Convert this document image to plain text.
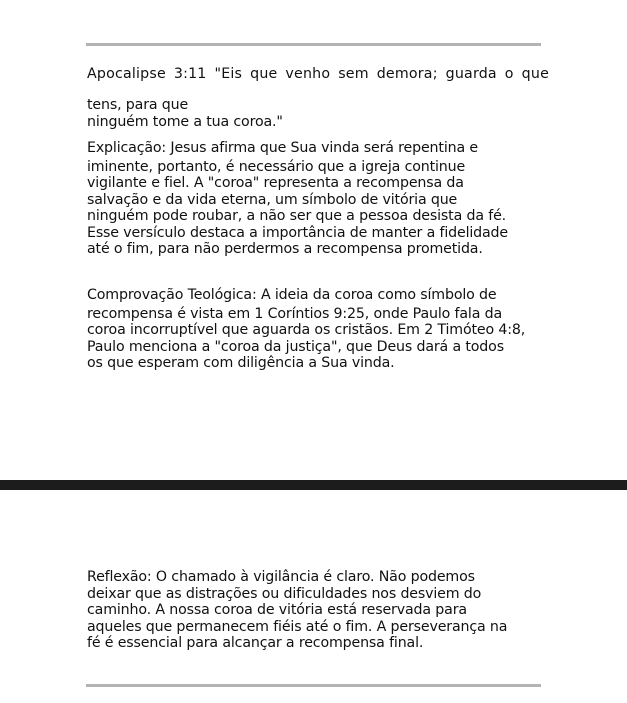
Apocalipse 3:11 "Eis que venho sem demora; guarda o que

tens, para que
ninguém tome a tua coroa."

Explicação: Jesus afirma que Sua vinda será repentina e
iminente, portanto, é necessário que a igreja continue
vigilante e fiel. A "coroa" representa a recompensa da
salvação e da vida eterna, um símbolo de vitória que
ninguém pode roubar, a não ser que a pessoa desista da fé.
Esse versículo destaca a importância de manter a fidelidade
até o fim, para não perdermos a recompensa prometida.

Comprovação Teológica: A ideia da coroa como símbolo de
recompensa é vista em 1 Coríntios 9:25, onde Paulo fala da
coroa incorruptível que aguarda os cristãos. Em 2 Timóteo 4:8,
Paulo menciona a "coroa da justiça", que Deus dará a todos
os que esperam com diligência a Sua vinda.

Reflexão: O chamado à vigilância é claro. Não podemos
deixar que as distrações ou dificuldades nos desviem do
caminho. A nossa coroa de vitória está reservada para
aqueles que permanecem fiéis até o fim. A perseverança na
fé é essencial para alcançar a recompensa final.
